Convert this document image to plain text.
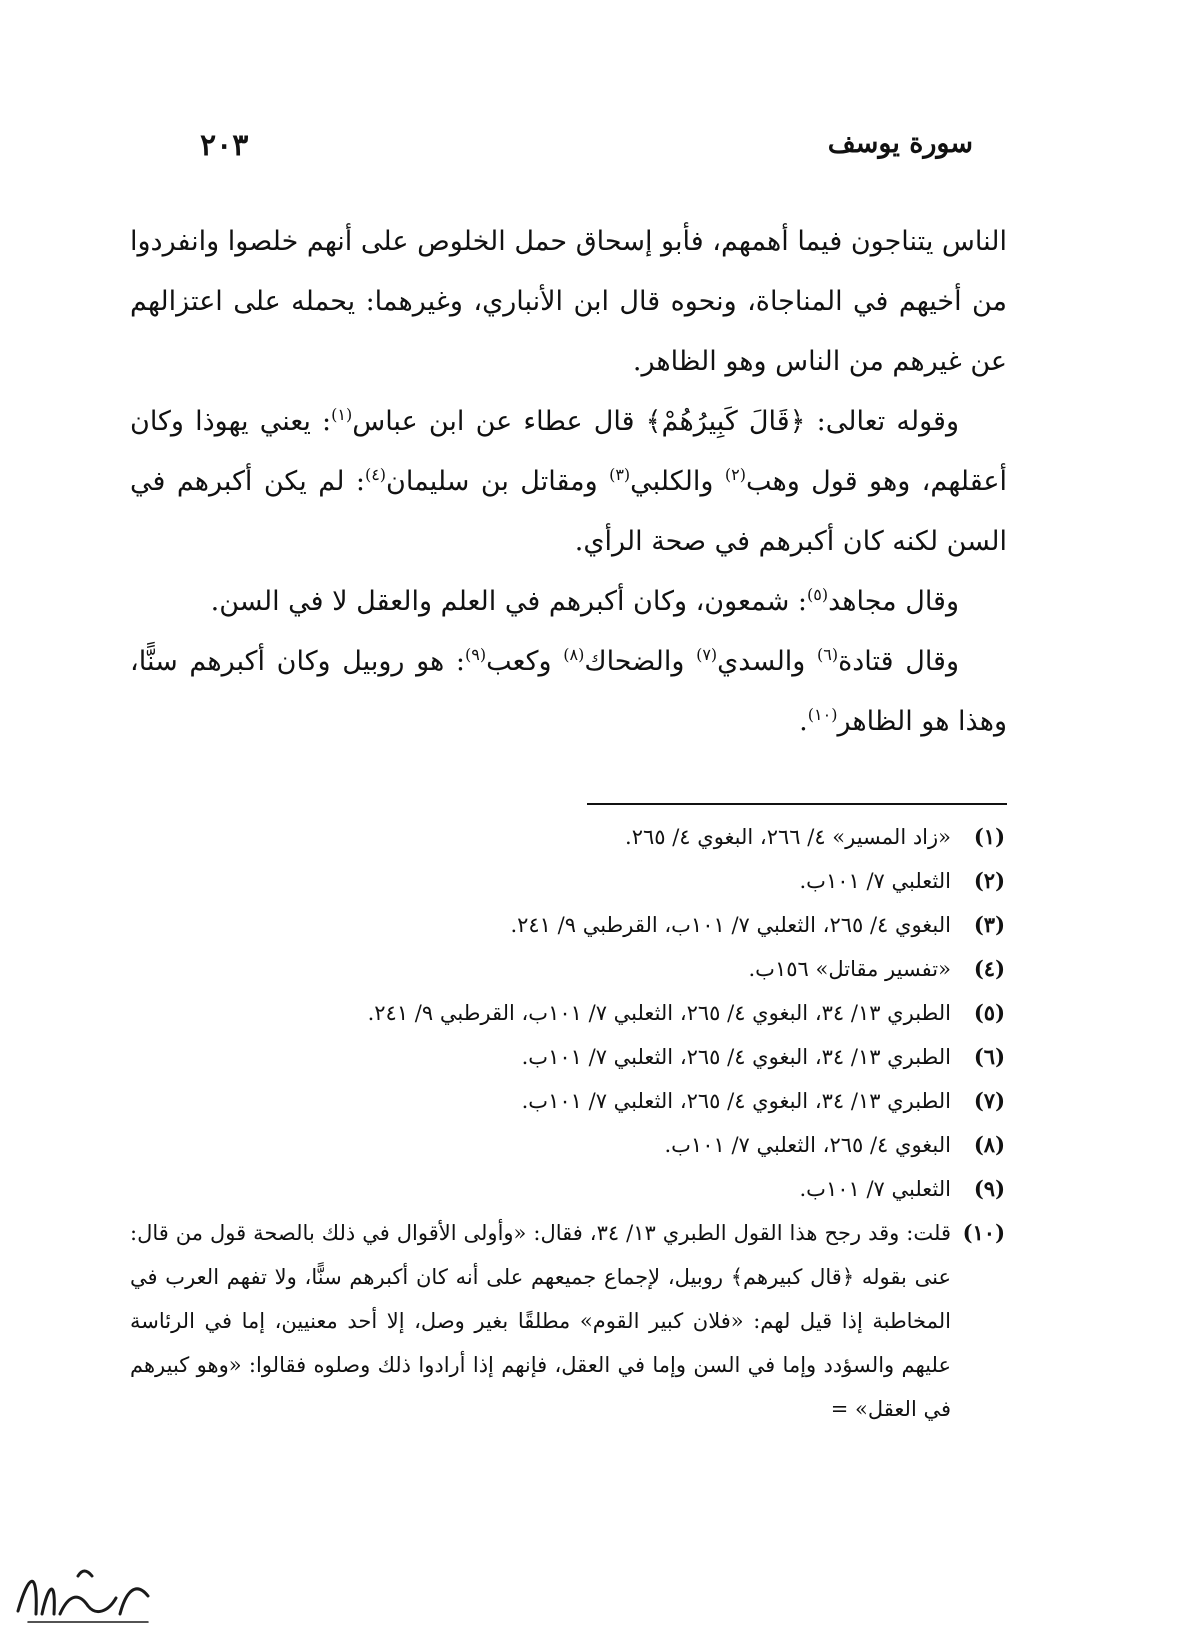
سورة يوسف
٢٠٣

الناس يتناجون فيما أهمهم، فأبو إسحاق حمل الخلوص على أنهم خلصوا وانفردوا من أخيهم في المناجاة، ونحوه قال ابن الأنباري، وغيرهما: يحمله على اعتزالهم عن غيرهم من الناس وهو الظاهر.

وقوله تعالى: ﴿قَالَ كَبِيرُهُمْ﴾ قال عطاء عن ابن عباس$^{(١)}$: يعني يهوذا وكان أعقلهم، وهو قول وهب$^{(٢)}$ والكلبي$^{(٣)}$ ومقاتل بن سليمان$^{(٤)}$: لم يكن أكبرهم في السن لكنه كان أكبرهم في صحة الرأي.

وقال مجاهد$^{(٥)}$: شمعون، وكان أكبرهم في العلم والعقل لا في السن.

وقال قتادة$^{(٦)}$ والسدي$^{(٧)}$ والضحاك$^{(٨)}$ وكعب$^{(٩)}$: هو روبيل وكان أكبرهم سنًّا، وهذا هو الظاهر$^{(١٠)}$.

(١)
«زاد المسير» ٤/ ٢٦٦، البغوي ٤/ ٢٦٥.
(٢)
الثعلبي ٧/ ١٠١ب.
(٣)
البغوي ٤/ ٢٦٥، الثعلبي ٧/ ١٠١ب، القرطبي ٩/ ٢٤١.
(٤)
«تفسير مقاتل» ١٥٦ب.
(٥)
الطبري ١٣/ ٣٤، البغوي ٤/ ٢٦٥، الثعلبي ٧/ ١٠١ب، القرطبي ٩/ ٢٤١.
(٦)
الطبري ١٣/ ٣٤، البغوي ٤/ ٢٦٥، الثعلبي ٧/ ١٠١ب.
(٧)
الطبري ١٣/ ٣٤، البغوي ٤/ ٢٦٥، الثعلبي ٧/ ١٠١ب.
(٨)
البغوي ٤/ ٢٦٥، الثعلبي ٧/ ١٠١ب.
(٩)
الثعلبي ٧/ ١٠١ب.
(١٠)
قلت: وقد رجح هذا القول الطبري ١٣/ ٣٤، فقال: «وأولى الأقوال في ذلك بالصحة قول من قال: عنى بقوله ﴿قال كبيرهم﴾ روبيل، لإجماع جميعهم على أنه كان أكبرهم سنًّا، ولا تفهم العرب في المخاطبة إذا قيل لهم: «فلان كبير القوم» مطلقًا بغير وصل، إلا أحد معنيين، إما في الرئاسة عليهم والسؤدد وإما في السن وإما في العقل، فإنهم إذا أرادوا ذلك وصلوه فقالوا: «وهو كبيرهم في العقل» =
